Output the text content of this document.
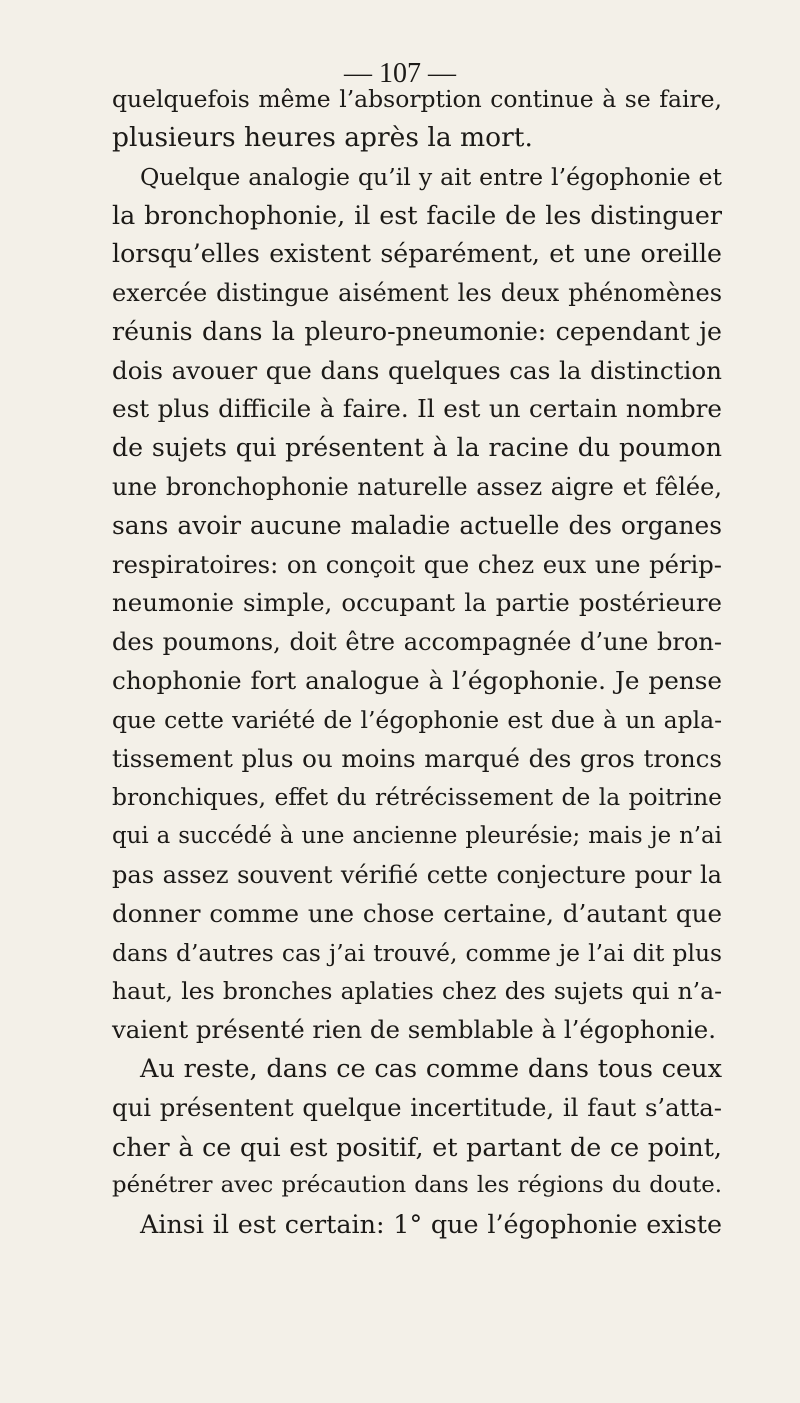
— 107 —
quelquefois même l’absorption continue à se faire,
plusieurs heures après la mort.
Quelque analogie qu’il y ait entre l’égophonie et
la bronchophonie, il est facile de les distinguer
lorsqu’elles existent séparément, et une oreille
exercée distingue aisément les deux phénomènes
réunis dans la pleuro-pneumonie: cependant je
dois avouer que dans quelques cas la distinction
est plus difficile à faire. Il est un certain nombre
de sujets qui présentent à la racine du poumon
une bronchophonie naturelle assez aigre et fêlée,
sans avoir aucune maladie actuelle des organes
respiratoires: on conçoit que chez eux une périp-
neumonie simple, occupant la partie postérieure
des poumons, doit être accompagnée d’une bron-
chophonie fort analogue à l’égophonie. Je pense
que cette variété de l’égophonie est due à un apla-
tissement plus ou moins marqué des gros troncs
bronchiques, effet du rétrécissement de la poitrine
qui a succédé à une ancienne pleurésie; mais je n’ai
pas assez souvent vérifié cette conjecture pour la
donner comme une chose certaine, d’autant que
dans d’autres cas j’ai trouvé, comme je l’ai dit plus
haut, les bronches aplaties chez des sujets qui n’a-
vaient présenté rien de semblable à l’égophonie.
Au reste, dans ce cas comme dans tous ceux
qui présentent quelque incertitude, il faut s’atta-
cher à ce qui est positif, et partant de ce point,
pénétrer avec précaution dans les régions du doute.
Ainsi il est certain: 1° que l’égophonie existe
